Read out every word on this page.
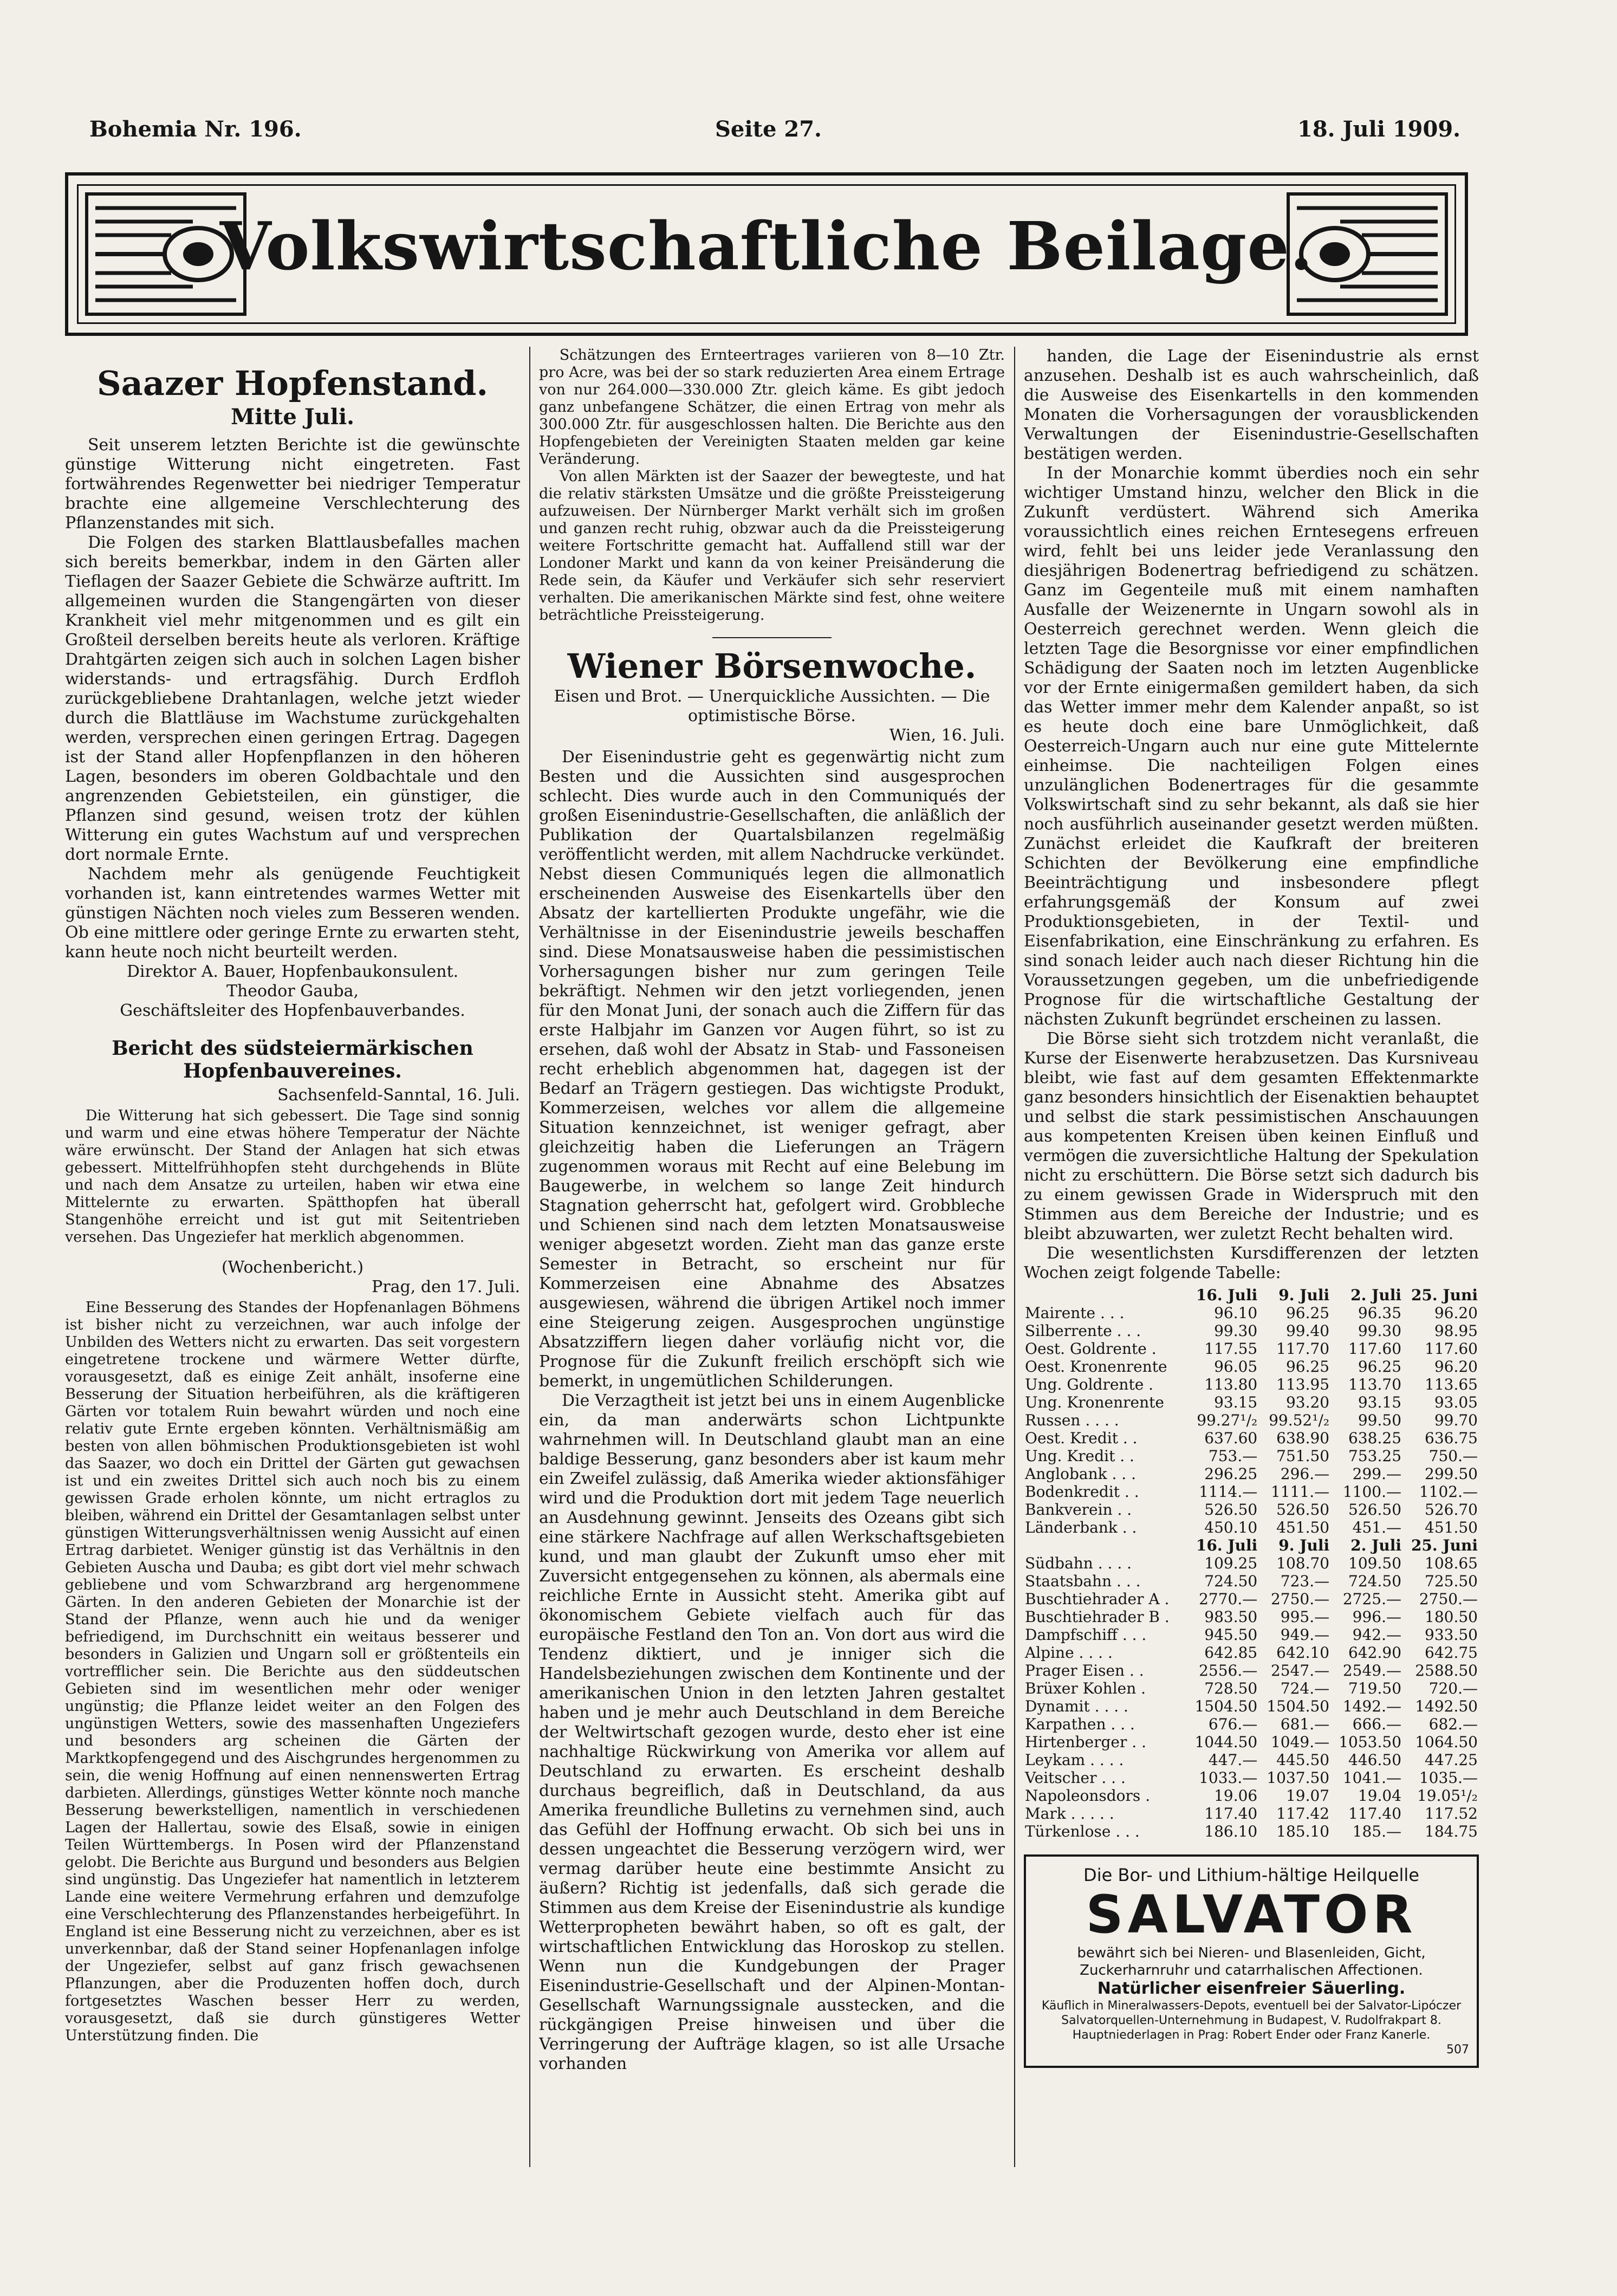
Bohemia Nr. 196.	Seite 27.	18. Juli 1909.
Volkswirtschaftliche Beilage.
Saazer Hopfenstand.
Mitte Juli.

Seit unserem letzten Berichte ist die gewünschte günstige Witterung nicht eingetreten. Fast fortwährendes Regenwetter bei niedriger Temperatur brachte eine allgemeine Verschlechterung des Pflanzenstandes mit sich.

Die Folgen des starken Blattlausbefalles machen sich bereits bemerkbar, indem in den Gärten aller Tieflagen der Saazer Gebiete die Schwärze auftritt. Im allgemeinen wurden die Stangengärten von dieser Krankheit viel mehr mitgenommen und es gilt ein Großteil derselben bereits heute als verloren. Kräftige Drahtgärten zeigen sich auch in solchen Lagen bisher widerstands- und ertragsfähig. Durch Erdfloh zurückgebliebene Drahtanlagen, welche jetzt wieder durch die Blattläuse im Wachstume zurückgehalten werden, versprechen einen geringen Ertrag. Dagegen ist der Stand aller Hopfenpflanzen in den höheren Lagen, besonders im oberen Goldbachtale und den angrenzenden Gebietsteilen, ein günstiger, die Pflanzen sind gesund, weisen trotz der kühlen Witterung ein gutes Wachstum auf und versprechen dort normale Ernte.

Nachdem mehr als genügende Feuchtigkeit vorhanden ist, kann eintretendes warmes Wetter mit günstigen Nächten noch vieles zum Besseren wenden. Ob eine mittlere oder geringe Ernte zu erwarten steht, kann heute noch nicht beurteilt werden.

Direktor A. Bauer, Hopfenbaukonsulent.
Theodor Gauba,
Geschäftsleiter des Hopfenbauverbandes.
Bericht des südsteiermärkischen Hopfenbauvereines.
Sachsenfeld-Sanntal, 16. Juli.

Die Witterung hat sich gebessert. Die Tage sind sonnig und warm und eine etwas höhere Temperatur der Nächte wäre erwünscht. Der Stand der Anlagen hat sich etwas gebessert. Mittelfrühhopfen steht durchgehends in Blüte und nach dem Ansatze zu urteilen, haben wir etwa eine Mittelernte zu erwarten. Spätthopfen hat überall Stangenhöhe erreicht und ist gut mit Seitentrieben versehen. Das Ungeziefer hat merklich abgenommen.

(Wochenbericht.)
Prag, den 17. Juli.

Eine Besserung des Standes der Hopfenanlagen Böhmens ist bisher nicht zu verzeichnen, war auch infolge der Unbilden des Wetters nicht zu erwarten. Das seit vorgestern eingetretene trockene und wärmere Wetter dürfte, vorausgesetzt, daß es einige Zeit anhält, insoferne eine Besserung der Situation herbeiführen, als die kräftigeren Gärten vor totalem Ruin bewahrt würden und noch eine relativ gute Ernte ergeben könnten. Verhältnismäßig am besten von allen böhmischen Produktionsgebieten ist wohl das Saazer, wo doch ein Drittel der Gärten gut gewachsen ist und ein zweites Drittel sich auch noch bis zu einem gewissen Grade erholen könnte, um nicht ertraglos zu bleiben, während ein Drittel der Gesamtanlagen selbst unter günstigen Witterungsverhältnissen wenig Aussicht auf einen Ertrag darbietet. Weniger günstig ist das Verhältnis in den Gebieten Auscha und Dauba; es gibt dort viel mehr schwach gebliebene und vom Schwarzbrand arg hergenommene Gärten. In den anderen Gebieten der Monarchie ist der Stand der Pflanze, wenn auch hie und da weniger befriedigend, im Durchschnitt ein weitaus besserer und besonders in Galizien und Ungarn soll er größtenteils ein vortrefflicher sein. Die Berichte aus den süddeutschen Gebieten sind im wesentlichen mehr oder weniger ungünstig; die Pflanze leidet weiter an den Folgen des ungünstigen Wetters, sowie des massenhaften Ungeziefers und besonders arg scheinen die Gärten der Marktkopfengegend und des Aischgrundes hergenommen zu sein, die wenig Hoffnung auf einen nennenswerten Ertrag darbieten. Allerdings, günstiges Wetter könnte noch manche Besserung bewerkstelligen, namentlich in verschiedenen Lagen der Hallertau, sowie des Elsaß, sowie in einigen Teilen Württembergs. In Posen wird der Pflanzenstand gelobt. Die Berichte aus Burgund und besonders aus Belgien sind ungünstig. Das Ungeziefer hat namentlich in letzterem Lande eine weitere Vermehrung erfahren und demzufolge eine Verschlechterung des Pflanzenstandes herbeigeführt. In England ist eine Besserung nicht zu verzeichnen, aber es ist unverkennbar, daß der Stand seiner Hopfenanlagen infolge der Ungeziefer, selbst auf ganz frisch gewachsenen Pflanzungen, aber die Produzenten hoffen doch, durch fortgesetztes Waschen besser Herr zu werden, vorausgesetzt, daß sie durch günstigeres Wetter Unterstützung finden. Die

Schätzungen des Ernteertrages variieren von 8—10 Ztr. pro Acre, was bei der so stark reduzierten Area einem Ertrage von nur 264.000—330.000 Ztr. gleich käme. Es gibt jedoch ganz unbefangene Schätzer, die einen Ertrag von mehr als 300.000 Ztr. für ausgeschlossen halten. Die Berichte aus den Hopfengebieten der Vereinigten Staaten melden gar keine Veränderung.

Von allen Märkten ist der Saazer der bewegteste, und hat die relativ stärksten Umsätze und die größte Preissteigerung aufzuweisen. Der Nürnberger Markt verhält sich im großen und ganzen recht ruhig, obzwar auch da die Preissteigerung weitere Fortschritte gemacht hat. Auffallend still war der Londoner Markt und kann da von keiner Preisänderung die Rede sein, da Käufer und Verkäufer sich sehr reserviert verhalten. Die amerikanischen Märkte sind fest, ohne weitere beträchtliche Preissteigerung.

Wiener Börsenwoche.
Eisen und Brot. — Unerquickliche Aussichten. — Die optimistische Börse.
Wien, 16. Juli.

Der Eisenindustrie geht es gegenwärtig nicht zum Besten und die Aussichten sind ausgesprochen schlecht. Dies wurde auch in den Communiqués der großen Eisenindustrie-Gesellschaften, die anläßlich der Publikation der Quartalsbilanzen regelmäßig veröffentlicht werden, mit allem Nachdrucke verkündet. Nebst diesen Communiqués legen die allmonatlich erscheinenden Ausweise des Eisenkartells über den Absatz der kartellierten Produkte ungefähr, wie die Verhältnisse in der Eisenindustrie jeweils beschaffen sind. Diese Monatsausweise haben die pessimistischen Vorhersagungen bisher nur zum geringen Teile bekräftigt. Nehmen wir den jetzt vorliegenden, jenen für den Monat Juni, der sonach auch die Ziffern für das erste Halbjahr im Ganzen vor Augen führt, so ist zu ersehen, daß wohl der Absatz in Stab- und Fassoneisen recht erheblich abgenommen hat, dagegen ist der Bedarf an Trägern gestiegen. Das wichtigste Produkt, Kommerzeisen, welches vor allem die allgemeine Situation kennzeichnet, ist weniger gefragt, aber gleichzeitig haben die Lieferungen an Trägern zugenommen woraus mit Recht auf eine Belebung im Baugewerbe, in welchem so lange Zeit hindurch Stagnation geherrscht hat, gefolgert wird. Grobbleche und Schienen sind nach dem letzten Monatsausweise weniger abgesetzt worden. Zieht man das ganze erste Semester in Betracht, so erscheint nur für Kommerzeisen eine Abnahme des Absatzes ausgewiesen, während die übrigen Artikel noch immer eine Steigerung zeigen. Ausgesprochen ungünstige Absatzziffern liegen daher vorläufig nicht vor, die Prognose für die Zukunft freilich erschöpft sich wie bemerkt, in ungemütlichen Schilderungen.

Die Verzagtheit ist jetzt bei uns in einem Augenblicke ein, da man anderwärts schon Lichtpunkte wahrnehmen will. In Deutschland glaubt man an eine baldige Besserung, ganz besonders aber ist kaum mehr ein Zweifel zulässig, daß Amerika wieder aktionsfähiger wird und die Produktion dort mit jedem Tage neuerlich an Ausdehnung gewinnt. Jenseits des Ozeans gibt sich eine stärkere Nachfrage auf allen Werkschaftsgebieten kund, und man glaubt der Zukunft umso eher mit Zuversicht entgegensehen zu können, als abermals eine reichliche Ernte in Aussicht steht. Amerika gibt auf ökonomischem Gebiete vielfach auch für das europäische Festland den Ton an. Von dort aus wird die Tendenz diktiert, und je inniger sich die Handelsbeziehungen zwischen dem Kontinente und der amerikanischen Union in den letzten Jahren gestaltet haben und je mehr auch Deutschland in dem Bereiche der Weltwirtschaft gezogen wurde, desto eher ist eine nachhaltige Rückwirkung von Amerika vor allem auf Deutschland zu erwarten. Es erscheint deshalb durchaus begreiflich, daß in Deutschland, da aus Amerika freundliche Bulletins zu vernehmen sind, auch das Gefühl der Hoffnung erwacht. Ob sich bei uns in dessen ungeachtet die Besserung verzögern wird, wer vermag darüber heute eine bestimmte Ansicht zu äußern? Richtig ist jedenfalls, daß sich gerade die Stimmen aus dem Kreise der Eisenindustrie als kundige Wetterpropheten bewährt haben, so oft es galt, der wirtschaftlichen Entwicklung das Horoskop zu stellen. Wenn nun die Kundgebungen der Prager Eisenindustrie-Gesellschaft und der Alpinen-Montan-Gesellschaft Warnungssignale ausstecken, and die rückgängigen Preise hinweisen und über die Verringerung der Aufträge klagen, so ist alle Ursache vorhanden

handen, die Lage der Eisenindustrie als ernst anzusehen. Deshalb ist es auch wahrscheinlich, daß die Ausweise des Eisenkartells in den kommenden Monaten die Vorhersagungen der vorausblickenden Verwaltungen der Eisenindustrie-Gesellschaften bestätigen werden.

In der Monarchie kommt überdies noch ein sehr wichtiger Umstand hinzu, welcher den Blick in die Zukunft verdüstert. Während sich Amerika voraussichtlich eines reichen Erntesegens erfreuen wird, fehlt bei uns leider jede Veranlassung den diesjährigen Bodenertrag befriedigend zu schätzen. Ganz im Gegenteile muß mit einem namhaften Ausfalle der Weizenernte in Ungarn sowohl als in Oesterreich gerechnet werden. Wenn gleich die letzten Tage die Besorgnisse vor einer empfindlichen Schädigung der Saaten noch im letzten Augenblicke vor der Ernte einigermaßen gemildert haben, da sich das Wetter immer mehr dem Kalender anpaßt, so ist es heute doch eine bare Unmöglichkeit, daß Oesterreich-Ungarn auch nur eine gute Mittelernte einheimse. Die nachteiligen Folgen eines unzulänglichen Bodenertrages für die gesammte Volkswirtschaft sind zu sehr bekannt, als daß sie hier noch ausführlich auseinander gesetzt werden müßten. Zunächst erleidet die Kaufkraft der breiteren Schichten der Bevölkerung eine empfindliche Beeinträchtigung und insbesondere pflegt erfahrungsgemäß der Konsum auf zwei Produktionsgebieten, in der Textil- und Eisenfabrikation, eine Einschränkung zu erfahren. Es sind sonach leider auch nach dieser Richtung hin die Voraussetzungen gegeben, um die unbefriedigende Prognose für die wirtschaftliche Gestaltung der nächsten Zukunft begründet erscheinen zu lassen.

Die Börse sieht sich trotzdem nicht veranlaßt, die Kurse der Eisenwerte herabzusetzen. Das Kursniveau bleibt, wie fast auf dem gesamten Effektenmarkte ganz besonders hinsichtlich der Eisenaktien behauptet und selbst die stark pessimistischen Anschauungen aus kompetenten Kreisen üben keinen Einfluß und vermögen die zuversichtliche Haltung der Spekulation nicht zu erschüttern. Die Börse setzt sich dadurch bis zu einem gewissen Grade in Widerspruch mit den Stimmen aus dem Bereiche der Industrie; und es bleibt abzuwarten, wer zuletzt Recht behalten wird.

Die wesentlichsten Kursdifferenzen der letzten Wochen zeigt folgende Tabelle:

	16. Juli	9. Juli	2. Juli	25. Juni
Mairente . . .	96.10	96.25	96.35	96.20
Silberrente . . .	99.30	99.40	99.30	98.95
Oest. Goldrente .	117.55	117.70	117.60	117.60
Oest. Kronenrente	96.05	96.25	96.25	96.20
Ung. Goldrente .	113.80	113.95	113.70	113.65
Ung. Kronenrente	93.15	93.20	93.15	93.05
Russen . . . .	99.27¹/₂	99.52¹/₂	99.50	99.70
Oest. Kredit . .	637.60	638.90	638.25	636.75
Ung. Kredit . .	753.—	751.50	753.25	750.—
Anglobank . . .	296.25	296.—	299.—	299.50
Bodenkredit . .	1114.—	1111.—	1100.—	1102.—
Bankverein . .	526.50	526.50	526.50	526.70
Länderbank . .	450.10	451.50	451.—	451.50
	16. Juli	9. Juli	2. Juli	25. Juni
Südbahn . . . .	109.25	108.70	109.50	108.65
Staatsbahn . . .	724.50	723.—	724.50	725.50
Buschtiehrader A .	2770.—	2750.—	2725.—	2750.—
Buschtiehrader B .	983.50	995.—	996.—	180.50
Dampfschiff . . .	945.50	949.—	942.—	933.50
Alpine . . . .	642.85	642.10	642.90	642.75
Prager Eisen . .	2556.—	2547.—	2549.—	2588.50
Brüxer Kohlen .	728.50	724.—	719.50	720.—
Dynamit . . . .	1504.50	1504.50	1492.—	1492.50
Karpathen . . .	676.—	681.—	666.—	682.—
Hirtenberger . .	1044.50	1049.—	1053.50	1064.50
Leykam . . . .	447.—	445.50	446.50	447.25
Veitscher . . .	1033.—	1037.50	1041.—	1035.—
Napoleonsdors .	19.06	19.07	19.04	19.05¹/₂
Mark . . . . .	117.40	117.42	117.40	117.52
Türkenlose . . .	186.10	185.10	185.—	184.75
Die Bor- und Lithium-hältige Heilquelle
SALVATOR
bewährt sich bei Nieren- und Blasenleiden, Gicht, Zuckerharnruhr und catarrhalischen Affectionen.
Natürlicher eisenfreier Säuerling.
Käuflich in Mineralwassers-Depots, eventuell bei der Salvator-Lipóczer Salvatorquellen-Unternehmung in Budapest, V. Rudolfrakpart 8. Hauptniederlagen in Prag: Robert Ender oder Franz Kanerle.
507
